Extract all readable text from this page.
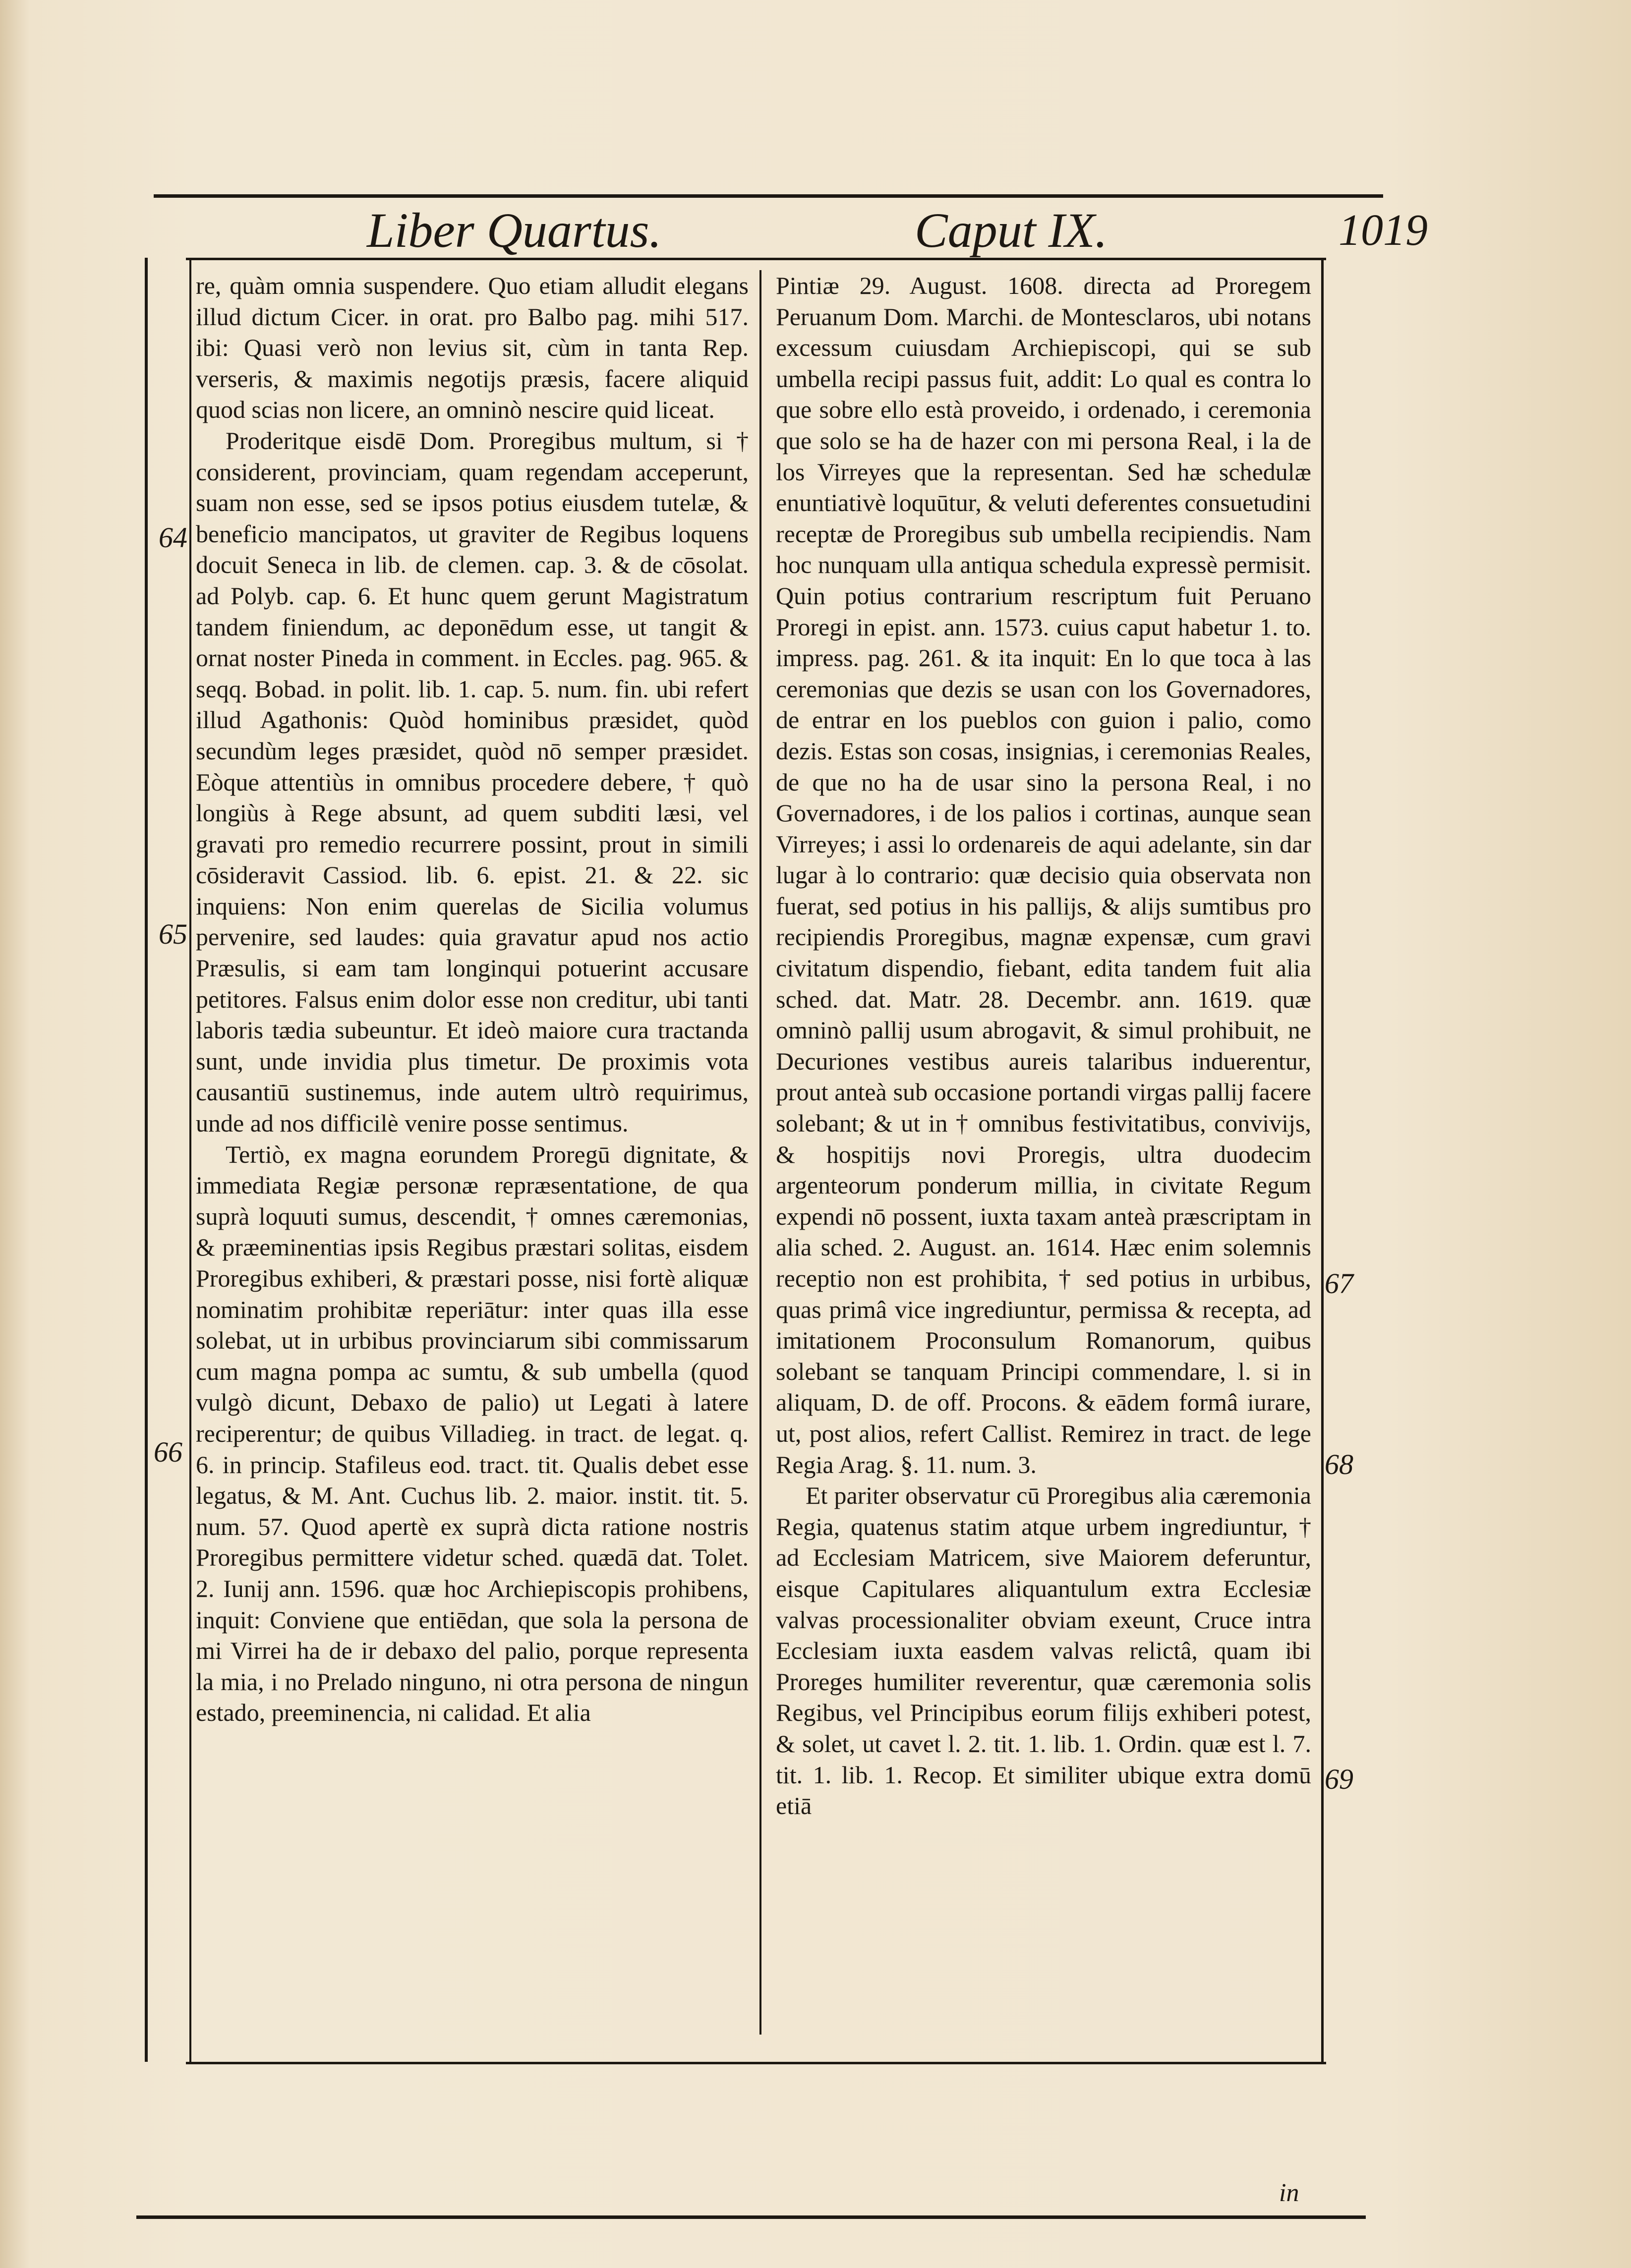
Liber Quartus.	Caput IX.	1019

re, quàm omnia suspendere. Quo etiam alludit elegans illud dictum Cicer. in orat. pro Balbo pag. mihi 517. ibi: Quasi verò non levius sit, cùm in tanta Rep. verseris, & maximis negotijs præsis, facere aliquid quod scias non licere, an omninò nescire quid liceat.

Proderitque eisdē Dom. Proregibus multum, si † considerent, provinciam, quam regendam acceperunt, suam non esse, sed se ipsos potius eiusdem tutelæ, & beneficio mancipatos, ut graviter de Regibus loquens docuit Seneca in lib. de clemen. cap. 3. & de cōsolat. ad Polyb. cap. 6. Et hunc quem gerunt Magistratum tandem finiendum, ac deponēdum esse, ut tangit & ornat noster Pineda in comment. in Eccles. pag. 965. & seqq. Bobad. in polit. lib. 1. cap. 5. num. fin. ubi refert illud Agathonis: Quòd hominibus præsidet, quòd secundùm leges præsidet, quòd nō semper præsidet. Eòque attentiùs in omnibus procedere debere, † quò longiùs à Rege absunt, ad quem subditi læsi, vel gravati pro remedio recurrere possint, prout in simili cōsideravit Cassiod. lib. 6. epist. 21. & 22. sic inquiens: Non enim querelas de Sicilia volumus pervenire, sed laudes: quia gravatur apud nos actio Præsulis, si eam tam longinqui potuerint accusare petitores. Falsus enim dolor esse non creditur, ubi tanti laboris tædia subeuntur. Et ideò maiore cura tractanda sunt, unde invidia plus timetur. De proximis vota causantiū sustinemus, inde autem ultrò requirimus, unde ad nos difficilè venire posse sentimus.

Tertiò, ex magna eorundem Proregū dignitate, & immediata Regiæ personæ repræsentatione, de qua suprà loquuti sumus, descendit, † omnes cæremonias, & præeminentias ipsis Regibus præstari solitas, eisdem Proregibus exhiberi, & præstari posse, nisi fortè aliquæ nominatim prohibitæ reperiātur: inter quas illa esse solebat, ut in urbibus provinciarum sibi commissarum cum magna pompa ac sumtu, & sub umbella (quod vulgò dicunt, Debaxo de palio) ut Legati à latere reciperentur; de quibus Villadieg. in tract. de legat. q. 6. in princip. Stafileus eod. tract. tit. Qualis debet esse legatus, & M. Ant. Cuchus lib. 2. maior. instit. tit. 5. num. 57. Quod apertè ex suprà dicta ratione nostris Proregibus permittere videtur sched. quædā dat. Tolet. 2. Iunij ann. 1596. quæ hoc Archiepiscopis prohibens, inquit: Conviene que entiēdan, que sola la persona de mi Virrei ha de ir debaxo del palio, porque representa la mia, i no Prelado ninguno, ni otra persona de ningun estado, preeminencia, ni calidad. Et alia

Pintiæ 29. August. 1608. directa ad Proregem Peruanum Dom. Marchi. de Montesclaros, ubi notans excessum cuiusdam Archiepiscopi, qui se sub umbella recipi passus fuit, addit: Lo qual es contra lo que sobre ello està proveido, i ordenado, i ceremonia que solo se ha de hazer con mi persona Real, i la de los Virreyes que la representan. Sed hæ schedulæ enuntiativè loquūtur, & veluti deferentes consuetudini receptæ de Proregibus sub umbella recipiendis. Nam hoc nunquam ulla antiqua schedula expressè permisit. Quin potius contrarium rescriptum fuit Peruano Proregi in epist. ann. 1573. cuius caput habetur 1. to. impress. pag. 261. & ita inquit: En lo que toca à las ceremonias que dezis se usan con los Governadores, de entrar en los pueblos con guion i palio, como dezis. Estas son cosas, insignias, i ceremonias Reales, de que no ha de usar sino la persona Real, i no Governadores, i de los palios i cortinas, aunque sean Virreyes; i assi lo ordenareis de aqui adelante, sin dar lugar à lo contrario: quæ decisio quia observata non fuerat, sed potius in his pallijs, & alijs sumtibus pro recipiendis Proregibus, magnæ expensæ, cum gravi civitatum dispendio, fiebant, edita tandem fuit alia sched. dat. Matr. 28. Decembr. ann. 1619. quæ omninò pallij usum abrogavit, & simul prohibuit, ne Decuriones vestibus aureis talaribus induerentur, prout anteà sub occasione portandi virgas pallij facere solebant; & ut in † omnibus festivitatibus, convivijs, & hospitijs novi Proregis, ultra duodecim argenteorum ponderum millia, in civitate Regum expendi nō possent, iuxta taxam anteà præscriptam in alia sched. 2. August. an. 1614. Hæc enim solemnis receptio non est prohibita, † sed potius in urbibus, quas primâ vice ingrediuntur, permissa & recepta, ad imitationem Proconsulum Romanorum, quibus solebant se tanquam Principi commendare, l. si in aliquam, D. de off. Procons. & eādem formâ iurare, ut, post alios, refert Callist. Remirez in tract. de lege Regia Arag. §. 11. num. 3.

Et pariter observatur cū Proregibus alia cæremonia Regia, quatenus statim atque urbem ingrediuntur, † ad Ecclesiam Matricem, sive Maiorem deferuntur, eisque Capitulares aliquantulum extra Ecclesiæ valvas processionaliter obviam exeunt, Cruce intra Ecclesiam iuxta easdem valvas relictâ, quam ibi Proreges humiliter reverentur, quæ cæremonia solis Regibus, vel Principibus eorum filijs exhiberi potest, & solet, ut cavet l. 2. tit. 1. lib. 1. Ordin. quæ est l. 7. tit. 1. lib. 1. Recop. Et similiter ubique extra domū etiā

64
65
66
67
68
69
in
